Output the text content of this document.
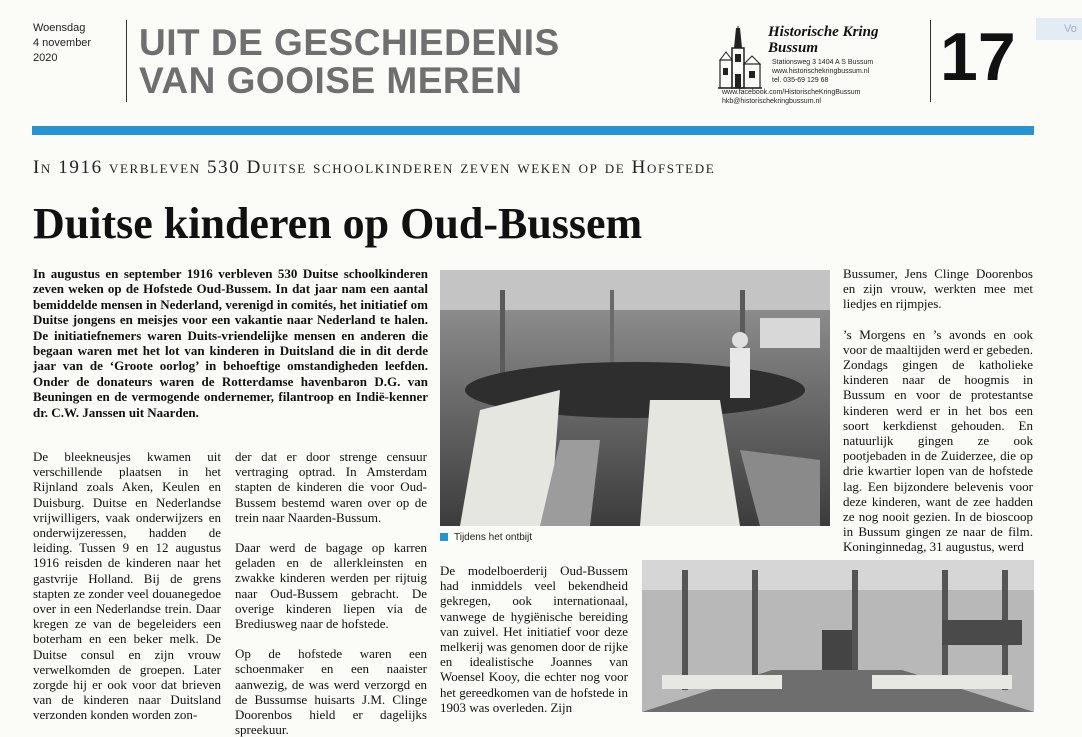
Woensdag
4 november
2020	UIT DE GESCHIEDENIS
VAN GOOISE MEREN
Historische Kring
Bussum
Stationsweg 3 1404 A S Bussum
www.historischekringbussum.nl
tel. 035-69 129 68
www.facebook.com/HistorischeKringBussum
hkb@historischekringbussum.nl
17	Vo
In 1916 verbleven 530 Duitse schoolkinderen zeven weken op de Hofstede
Duitse kinderen op Oud-Bussem
In augustus en september 1916 verbleven 530 Duitse schoolkinderen zeven weken op de Hofstede Oud-Bussem. In dat jaar nam een aantal bemiddelde mensen in Nederland, verenigd in comités, het initiatief om Duitse jongens en meisjes voor een vakantie naar Nederland te halen. De initiatiefnemers waren Duits-vriendelijke mensen en anderen die begaan waren met het lot van kinderen in Duitsland die in dit derde jaar van de ‘Groote oorlog’ in behoeftige omstandigheden leefden. Onder de donateurs waren de Rotterdamse havenbaron D.G. van Beuningen en de vermogende ondernemer, filantroop en Indië-kenner dr. C.W. Janssen uit Naarden.

De bleekneusjes kwamen uit verschillende plaatsen in het Rijnland zoals Aken, Keulen en Duisburg. Duitse en Nederlandse vrijwilligers, vaak onderwijzers en onderwijzeressen, hadden de leiding. Tussen 9 en 12 augustus 1916 reisden de kinderen naar het gastvrije Holland. Bij de grens stapten ze zonder veel douanegedoe over in een Nederlandse trein. Daar kregen ze van de begeleiders een boterham en een beker melk. De Duitse consul en zijn vrouw verwelkomden de groepen. Later zorgde hij er ook voor dat brieven van de kinderen naar Duitsland verzonden konden worden zon-

der dat er door strenge censuur vertraging optrad. In Amsterdam stapten de kinderen die voor Oud-Bussem bestemd waren over op de trein naar Naarden-Bussum.

Daar werd de bagage op karren geladen en de allerkleinsten en zwakke kinderen werden per rijtuig naar Oud-Bussem gebracht. De overige kinderen liepen via de Brediusweg naar de hofstede.

Op de hofstede waren een schoenmaker en een naaister aanwezig, de was werd verzorgd en de Bussumse huisarts J.M. Clinge Doorenbos hield er dagelijks spreekuur.

Tijdens het ontbijt

De modelboerderij Oud-Bussem had inmiddels veel bekendheid gekregen, ook internationaal, vanwege de hygiënische bereiding van zuivel. Het initiatief voor deze melkerij was genomen door de rijke en idealistische Joannes van Woensel Kooy, die echter nog voor het gereedkomen van de hofstede in 1903 was overleden. Zijn

Bussumer, Jens Clinge Doorenbos en zijn vrouw, werkten mee met liedjes en rijmpjes.

’s Morgens en ’s avonds en ook voor de maaltijden werd er gebeden. Zondags gingen de katholieke kinderen naar de hoogmis in Bussum en voor de protestantse kinderen werd er in het bos een soort kerkdienst gehouden. En natuurlijk gingen ze ook pootjebaden in de Zuiderzee, die op drie kwartier lopen van de hofstede lag. Een bijzondere belevenis voor deze kinderen, want de zee hadden ze nog nooit gezien. In de bioscoop in Bussum gingen ze naar de film. Koninginnedag, 31 augustus, werd
